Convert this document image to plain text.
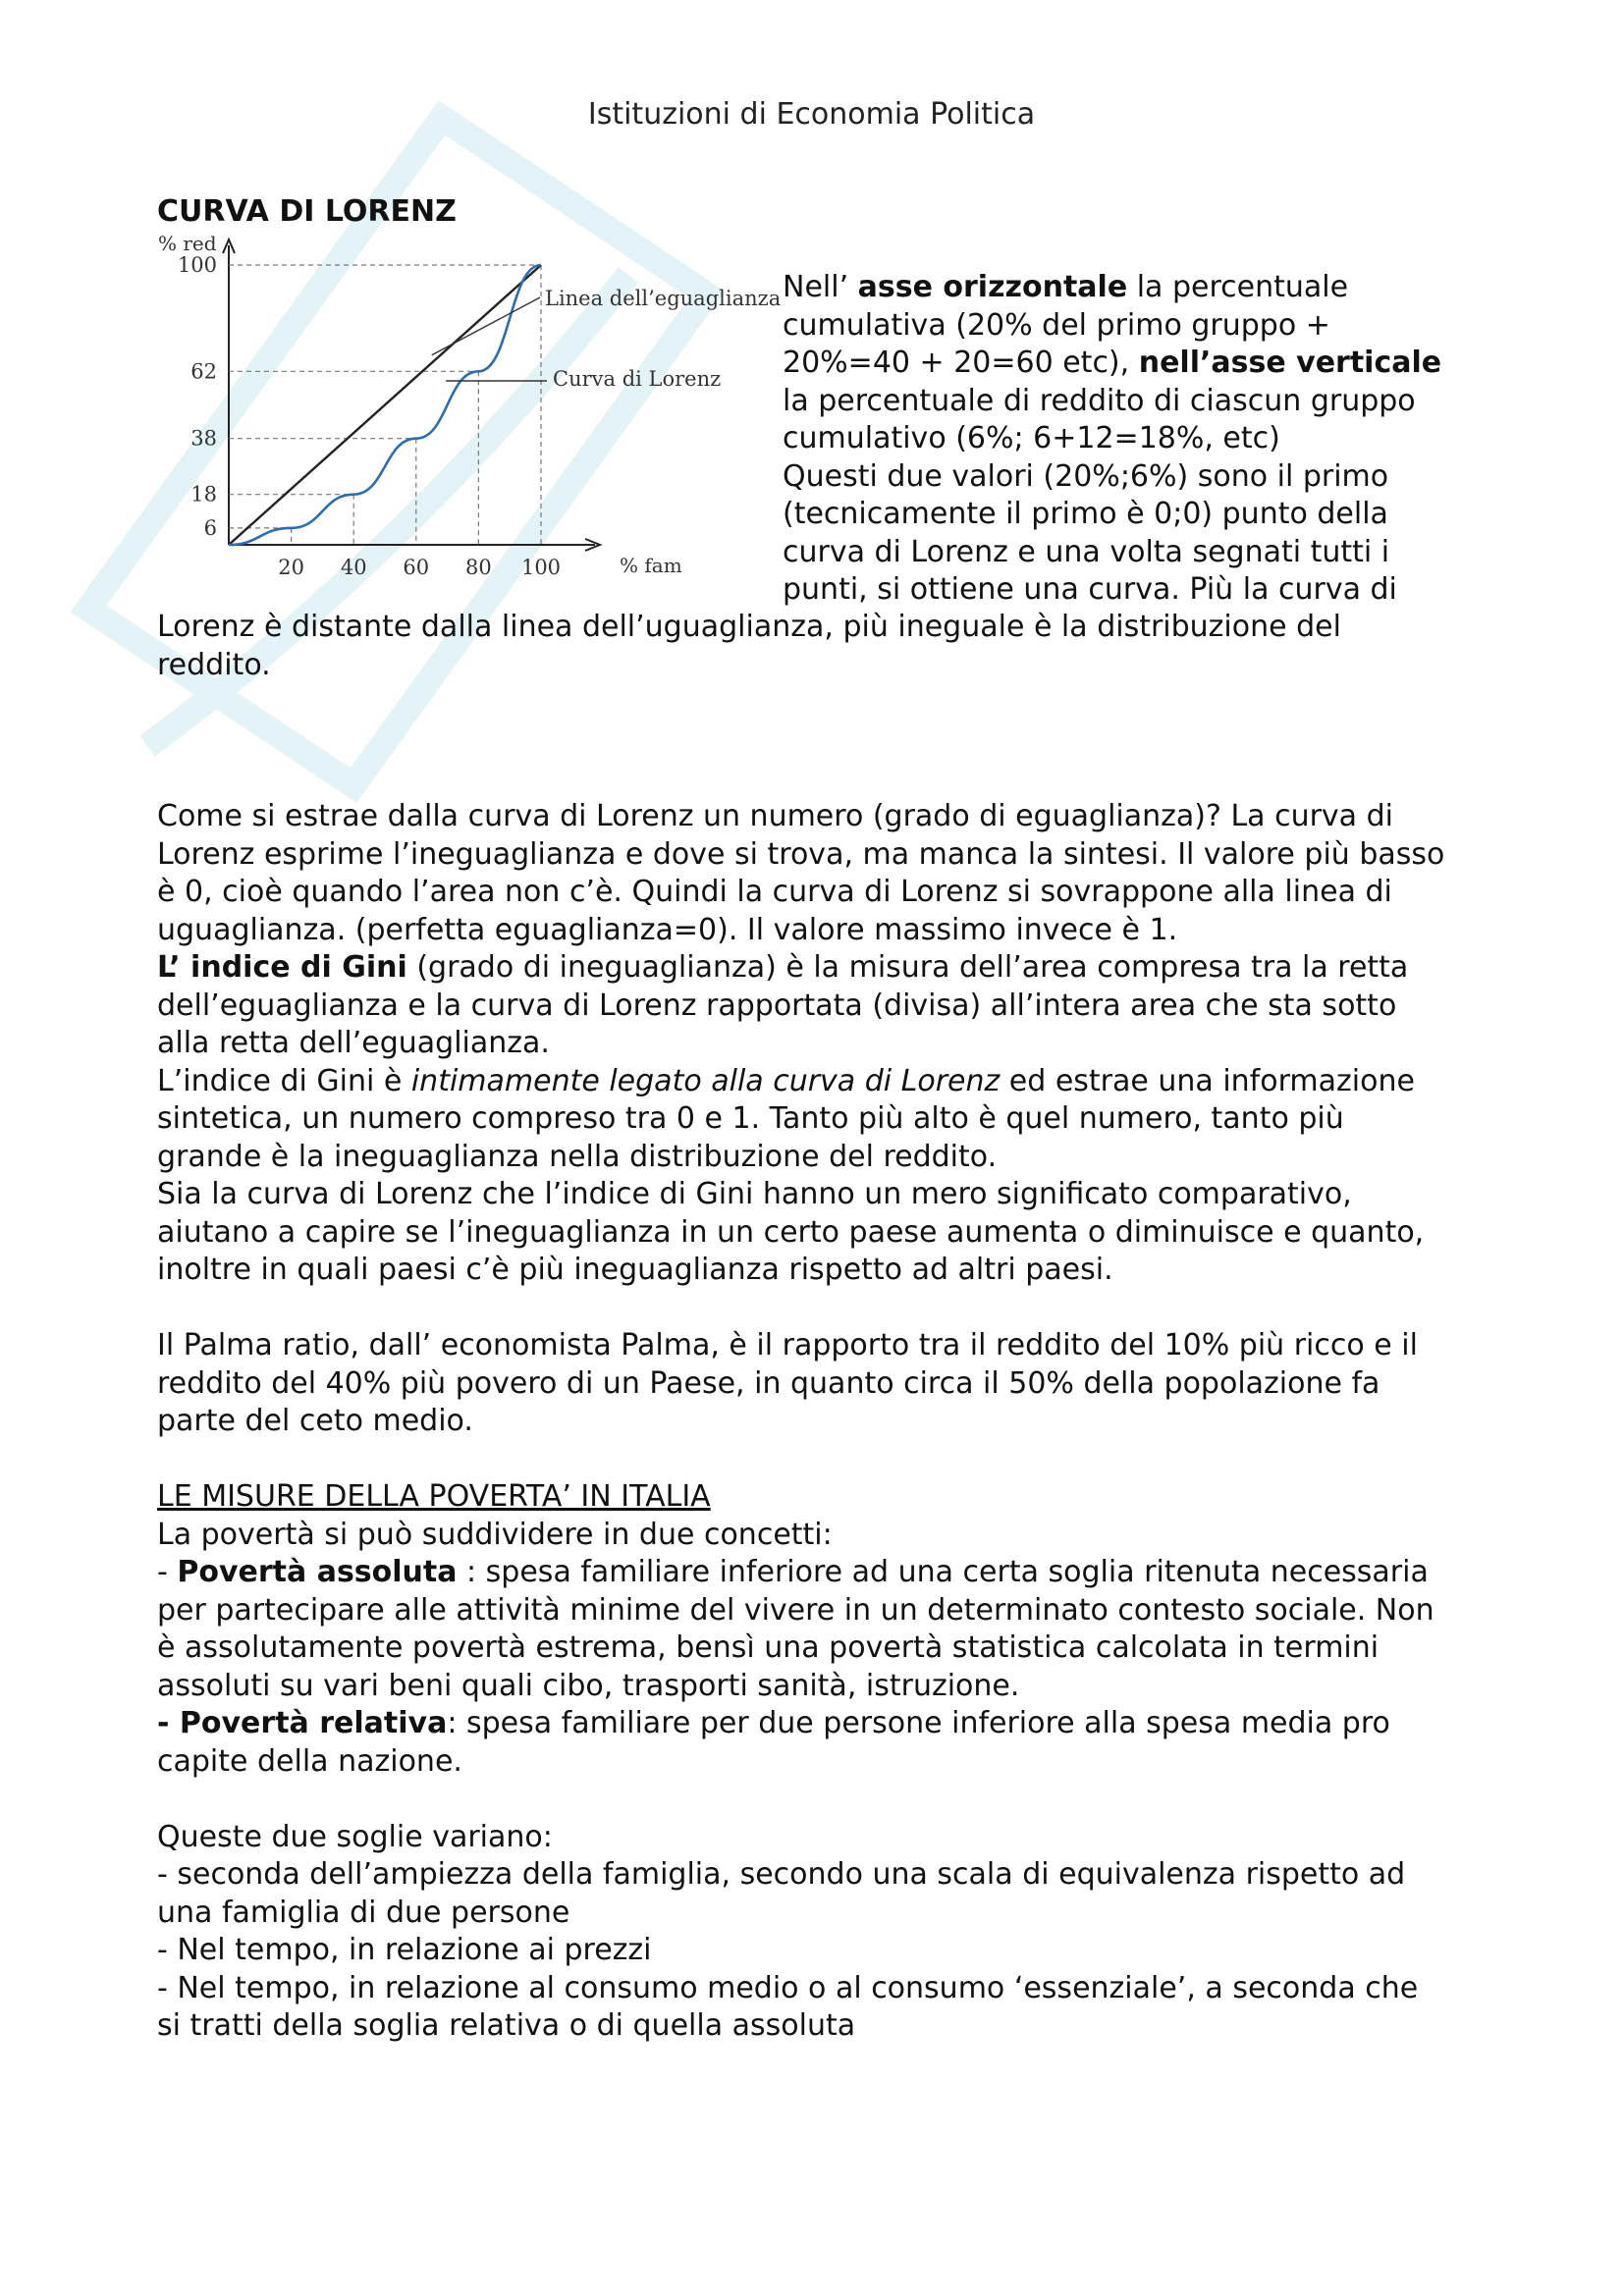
Istituzioni di Economia Politica
CURVA DI LORENZ
% red
% fam
20 40 60 80 100
6
18
38
62
100
Linea dell’eguaglianza
Curva di Lorenz
Nell’ asse orizzontale la percentuale
cumulativa (20% del primo gruppo +
20%=40 + 20=60 etc), nell’asse verticale
la percentuale di reddito di ciascun gruppo
cumulativo (6%; 6+12=18%, etc)
Questi due valori (20%;6%) sono il primo
(tecnicamente il primo è 0;0) punto della
curva di Lorenz e una volta segnati tutti i
punti, si ottiene una curva. Più la curva di
Lorenz è distante dalla linea dell’uguaglianza, più ineguale è la distribuzione del
reddito.
Come si estrae dalla curva di Lorenz un numero (grado di eguaglianza)? La curva di
Lorenz esprime l’ineguaglianza e dove si trova, ma manca la sintesi. Il valore più basso
è 0, cioè quando l’area non c’è. Quindi la curva di Lorenz si sovrappone alla linea di
uguaglianza. (perfetta eguaglianza=0). Il valore massimo invece è 1.
L’ indice di Gini (grado di ineguaglianza) è la misura dell’area compresa tra la retta
dell’eguaglianza e la curva di Lorenz rapportata (divisa) all’intera area che sta sotto
alla retta dell’eguaglianza.
L’indice di Gini è intimamente legato alla curva di Lorenz ed estrae una informazione
sintetica, un numero compreso tra 0 e 1. Tanto più alto è quel numero, tanto più
grande è la ineguaglianza nella distribuzione del reddito.
Sia la curva di Lorenz che l’indice di Gini hanno un mero significato comparativo,
aiutano a capire se l’ineguaglianza in un certo paese aumenta o diminuisce e quanto,
inoltre in quali paesi c’è più ineguaglianza rispetto ad altri paesi.
Il Palma ratio, dall’ economista Palma, è il rapporto tra il reddito del 10% più ricco e il
reddito del 40% più povero di un Paese, in quanto circa il 50% della popolazione fa
parte del ceto medio.
LE MISURE DELLA POVERTA’ IN ITALIA
La povertà si può suddividere in due concetti:
- Povertà assoluta : spesa familiare inferiore ad una certa soglia ritenuta necessaria
per partecipare alle attività minime del vivere in un determinato contesto sociale. Non
è assolutamente povertà estrema, bensì una povertà statistica calcolata in termini
assoluti su vari beni quali cibo, trasporti sanità, istruzione.
- Povertà relativa: spesa familiare per due persone inferiore alla spesa media pro
capite della nazione.
Queste due soglie variano:
- seconda dell’ampiezza della famiglia, secondo una scala di equivalenza rispetto ad
una famiglia di due persone
- Nel tempo, in relazione ai prezzi
- Nel tempo, in relazione al consumo medio o al consumo ‘essenziale’, a seconda che
si tratti della soglia relativa o di quella assoluta
